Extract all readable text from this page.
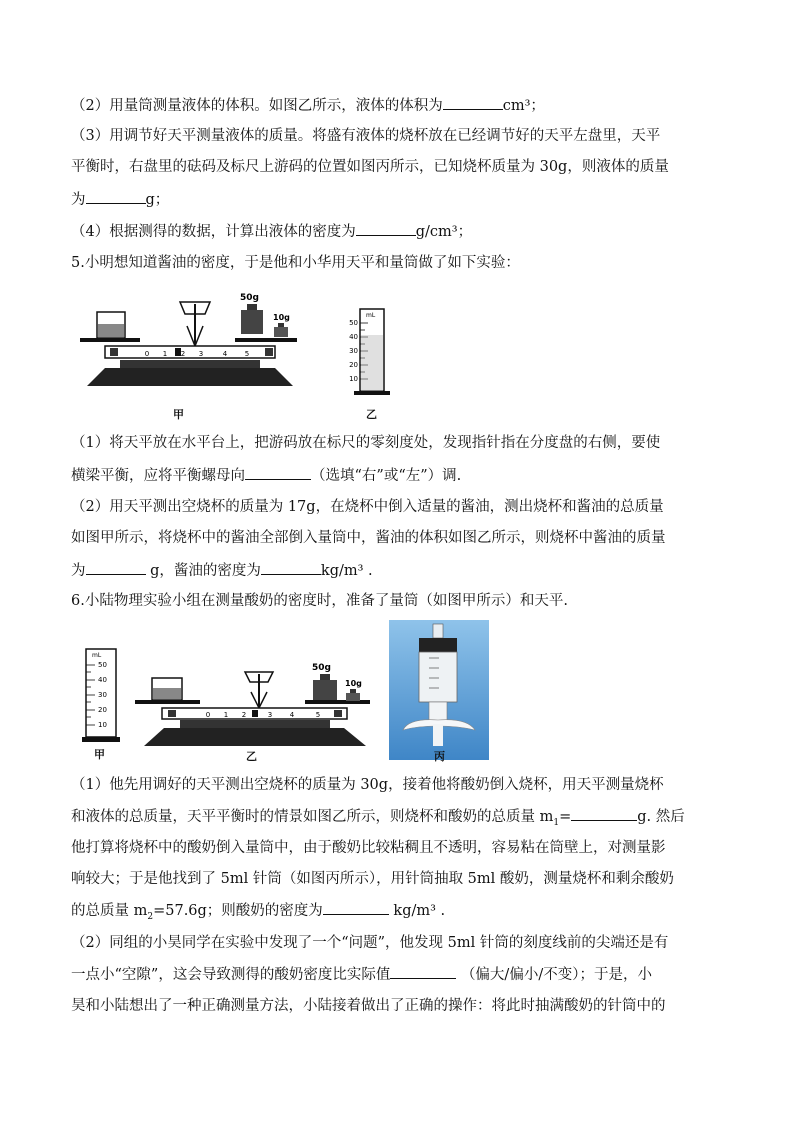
（2）用量筒测量液体的体积。如图乙所示，液体的体积为	cm³；
（3）用调节好天平测量液体的质量。将盛有液体的烧杯放在已经调节好的天平左盘里，天平
平衡时，右盘里的砝码及标尺上游码的位置如图丙所示，已知烧杯质量为 30g，则液体的质量
为	g；
（4）根据测得的数据，计算出液体的密度为	g/cm³；
5.小明想知道酱油的密度，于是他和小华用天平和量筒做了如下实验：
50g
10g
0 1 2 3	4	5
甲
mL
50
40
30
20
10
乙
（1）将天平放在水平台上，把游码放在标尺的零刻度处，发现指针指在分度盘的右侧，要使
横梁平衡，应将平衡螺母向	（选填“右”或“左”）调.
（2）用天平测出空烧杯的质量为 17g，在烧杯中倒入适量的酱油，测出烧杯和酱油的总质量
如图甲所示，将烧杯中的酱油全部倒入量筒中，酱油的体积如图乙所示，则烧杯中酱油的质量
为	g，酱油的密度为	kg/m³ .
6.小陆物理实验小组在测量酸奶的密度时，准备了量筒（如图甲所示）和天平.
mL
50
40
30
20
10
甲
50g
10g
0 1 2	3	4	5
乙	丙
（1）他先用调好的天平测出空烧杯的质量为 30g，接着他将酸奶倒入烧杯，用天平测量烧杯
和液体的总质量，天平平衡时的情景如图乙所示，则烧杯和酸奶的总质量 $m_1=$	g. 然后
他打算将烧杯中的酸奶倒入量筒中，由于酸奶比较粘稠且不透明，容易粘在筒壁上，对测量影
响较大；于是他找到了 5ml 针筒（如图丙所示），用针筒抽取 5ml 酸奶，测量烧杯和剩余酸奶
的总质量 $m_2=57.6g$；则酸奶的密度为	kg/m³ .
（2）同组的小昊同学在实验中发现了一个“问题”，他发现 5ml 针筒的刻度线前的尖端还是有
一点小“空隙”，这会导致测得的酸奶密度比实际值	（偏大/偏小/不变）；于是，小
昊和小陆想出了一种正确测量方法，小陆接着做出了正确的操作：将此时抽满酸奶的针筒中的
